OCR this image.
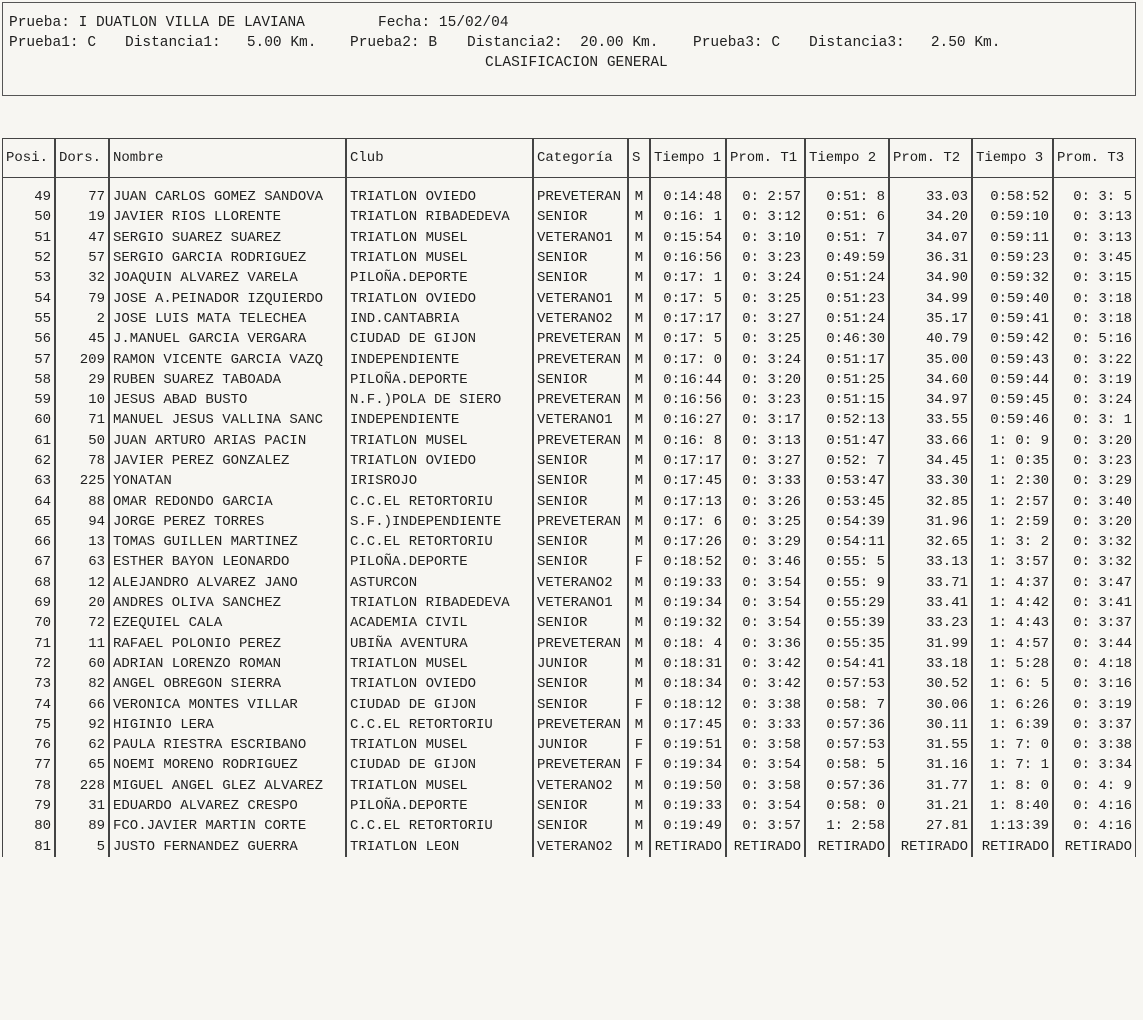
Prueba: I DUATLON VILLA DE LAVIANA	Fecha: 15/02/04
Prueba1: C Distancia1:   5.00 Km. Prueba2: B Distancia2:  20.00 Km. Prueba3: C Distancia3:   2.50 Km.
CLASIFICACION GENERAL
Posi.	Dors.	Nombre	Club	Categoría	S	Tiempo 1	Prom. T1	Tiempo 2	Prom. T2	Tiempo 3	Prom. T3

49	77	JUAN CARLOS GOMEZ SANDOVA	TRIATLON OVIEDO	PREVETERAN	M	0:14:48	0: 2:57	0:51: 8	33.03	0:58:52	0: 3: 5
50	19	JAVIER RIOS LLORENTE	TRIATLON RIBADEDEVA	SENIOR	M	0:16: 1	0: 3:12	0:51: 6	34.20	0:59:10	0: 3:13
51	47	SERGIO SUAREZ SUAREZ	TRIATLON MUSEL	VETERANO1	M	0:15:54	0: 3:10	0:51: 7	34.07	0:59:11	0: 3:13
52	57	SERGIO GARCIA RODRIGUEZ	TRIATLON MUSEL	SENIOR	M	0:16:56	0: 3:23	0:49:59	36.31	0:59:23	0: 3:45
53	32	JOAQUIN ALVAREZ VARELA	PILOÑA.DEPORTE	SENIOR	M	0:17: 1	0: 3:24	0:51:24	34.90	0:59:32	0: 3:15
54	79	JOSE A.PEINADOR IZQUIERDO	TRIATLON OVIEDO	VETERANO1	M	0:17: 5	0: 3:25	0:51:23	34.99	0:59:40	0: 3:18
55	2	JOSE LUIS MATA TELECHEA	IND.CANTABRIA	VETERANO2	M	0:17:17	0: 3:27	0:51:24	35.17	0:59:41	0: 3:18
56	45	J.MANUEL GARCIA VERGARA	CIUDAD DE GIJON	PREVETERAN	M	0:17: 5	0: 3:25	0:46:30	40.79	0:59:42	0: 5:16
57	209	RAMON VICENTE GARCIA VAZQ	INDEPENDIENTE	PREVETERAN	M	0:17: 0	0: 3:24	0:51:17	35.00	0:59:43	0: 3:22
58	29	RUBEN SUAREZ TABOADA	PILOÑA.DEPORTE	SENIOR	M	0:16:44	0: 3:20	0:51:25	34.60	0:59:44	0: 3:19
59	10	JESUS ABAD BUSTO	N.F.)POLA DE SIERO	PREVETERAN	M	0:16:56	0: 3:23	0:51:15	34.97	0:59:45	0: 3:24
60	71	MANUEL JESUS VALLINA SANC	INDEPENDIENTE	VETERANO1	M	0:16:27	0: 3:17	0:52:13	33.55	0:59:46	0: 3: 1
61	50	JUAN ARTURO ARIAS PACIN	TRIATLON MUSEL	PREVETERAN	M	0:16: 8	0: 3:13	0:51:47	33.66	1: 0: 9	0: 3:20
62	78	JAVIER PEREZ GONZALEZ	TRIATLON OVIEDO	SENIOR	M	0:17:17	0: 3:27	0:52: 7	34.45	1: 0:35	0: 3:23
63	225	YONATAN	IRISROJO	SENIOR	M	0:17:45	0: 3:33	0:53:47	33.30	1: 2:30	0: 3:29
64	88	OMAR REDONDO GARCIA	C.C.EL RETORTORIU	SENIOR	M	0:17:13	0: 3:26	0:53:45	32.85	1: 2:57	0: 3:40
65	94	JORGE PEREZ TORRES	S.F.)INDEPENDIENTE	PREVETERAN	M	0:17: 6	0: 3:25	0:54:39	31.96	1: 2:59	0: 3:20
66	13	TOMAS GUILLEN MARTINEZ	C.C.EL RETORTORIU	SENIOR	M	0:17:26	0: 3:29	0:54:11	32.65	1: 3: 2	0: 3:32
67	63	ESTHER BAYON LEONARDO	PILOÑA.DEPORTE	SENIOR	F	0:18:52	0: 3:46	0:55: 5	33.13	1: 3:57	0: 3:32
68	12	ALEJANDRO ALVAREZ JANO	ASTURCON	VETERANO2	M	0:19:33	0: 3:54	0:55: 9	33.71	1: 4:37	0: 3:47
69	20	ANDRES OLIVA SANCHEZ	TRIATLON RIBADEDEVA	VETERANO1	M	0:19:34	0: 3:54	0:55:29	33.41	1: 4:42	0: 3:41
70	72	EZEQUIEL CALA	ACADEMIA CIVIL	SENIOR	M	0:19:32	0: 3:54	0:55:39	33.23	1: 4:43	0: 3:37
71	11	RAFAEL POLONIO PEREZ	UBIÑA AVENTURA	PREVETERAN	M	0:18: 4	0: 3:36	0:55:35	31.99	1: 4:57	0: 3:44
72	60	ADRIAN LORENZO ROMAN	TRIATLON MUSEL	JUNIOR	M	0:18:31	0: 3:42	0:54:41	33.18	1: 5:28	0: 4:18
73	82	ANGEL OBREGON SIERRA	TRIATLON OVIEDO	SENIOR	M	0:18:34	0: 3:42	0:57:53	30.52	1: 6: 5	0: 3:16
74	66	VERONICA MONTES VILLAR	CIUDAD DE GIJON	SENIOR	F	0:18:12	0: 3:38	0:58: 7	30.06	1: 6:26	0: 3:19
75	92	HIGINIO LERA	C.C.EL RETORTORIU	PREVETERAN	M	0:17:45	0: 3:33	0:57:36	30.11	1: 6:39	0: 3:37
76	62	PAULA RIESTRA ESCRIBANO	TRIATLON MUSEL	JUNIOR	F	0:19:51	0: 3:58	0:57:53	31.55	1: 7: 0	0: 3:38
77	65	NOEMI MORENO RODRIGUEZ	CIUDAD DE GIJON	PREVETERAN	F	0:19:34	0: 3:54	0:58: 5	31.16	1: 7: 1	0: 3:34
78	228	MIGUEL ANGEL GLEZ ALVAREZ	TRIATLON MUSEL	VETERANO2	M	0:19:50	0: 3:58	0:57:36	31.77	1: 8: 0	0: 4: 9
79	31	EDUARDO ALVAREZ CRESPO	PILOÑA.DEPORTE	SENIOR	M	0:19:33	0: 3:54	0:58: 0	31.21	1: 8:40	0: 4:16
80	89	FCO.JAVIER MARTIN CORTE	C.C.EL RETORTORIU	SENIOR	M	0:19:49	0: 3:57	1: 2:58	27.81	1:13:39	0: 4:16
81	5	JUSTO FERNANDEZ GUERRA	TRIATLON LEON	VETERANO2	M	RETIRADO	RETIRADO	RETIRADO	RETIRADO	RETIRADO	RETIRADO
